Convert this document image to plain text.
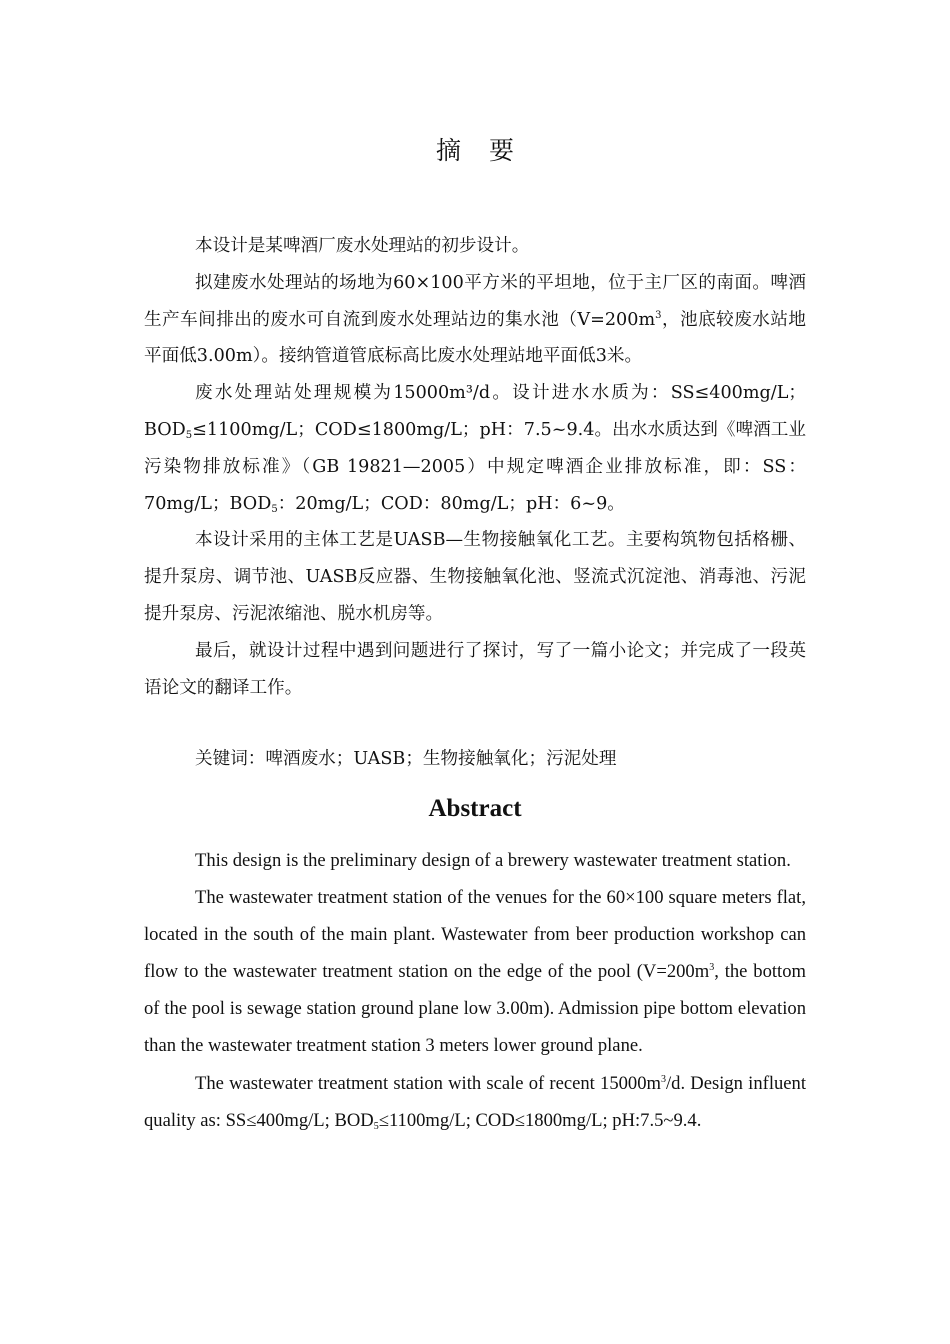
摘要

本设计是某啤酒厂废水处理站的初步设计。

拟建废水处理站的场地为60×100平方米的平坦地，位于主厂区的南面。啤酒生产车间排出的废水可自流到废水处理站边的集水池（$V=200m^3$，池底较废水站地平面低3.00m）。接纳管道管底标高比废水处理站地平面低3米。

废水处理站处理规模为15000m³/d。设计进水水质为：SS≤400mg/L；$BOD_5\le 1100mg/L$；COD≤1800mg/L；pH：7.5~9.4。出水水质达到《啤酒工业污染物排放标准》（GB 19821—2005）中规定啤酒企业排放标准，即：SS：70mg/L；$BOD_5$：20mg/L；COD：80mg/L；pH：6~9。

本设计采用的主体工艺是UASB—生物接触氧化工艺。主要构筑物包括格栅、提升泵房、调节池、UASB反应器、生物接触氧化池、竖流式沉淀池、消毒池、污泥提升泵房、污泥浓缩池、脱水机房等。

最后，就设计过程中遇到问题进行了探讨，写了一篇小论文；并完成了一段英语论文的翻译工作。

关键词：啤酒废水；UASB；生物接触氧化；污泥处理
Abstract

This design is the preliminary design of a brewery wastewater treatment station.

The wastewater treatment station of the venues for the 60×100 square meters flat, located in the south of the main plant. Wastewater from beer production workshop can flow to the wastewater treatment station on the edge of the pool ($V=200m^3$, the bottom of the pool is sewage station ground plane low 3.00m). Admission pipe bottom elevation than the wastewater treatment station 3 meters lower ground plane.

The wastewater treatment station with scale of recent $15000m^3/d$. Design influent quality as: SS≤400mg/L; $BOD_5\le 1100mg/L$; COD≤1800mg/L; pH:7.5~9.4.
